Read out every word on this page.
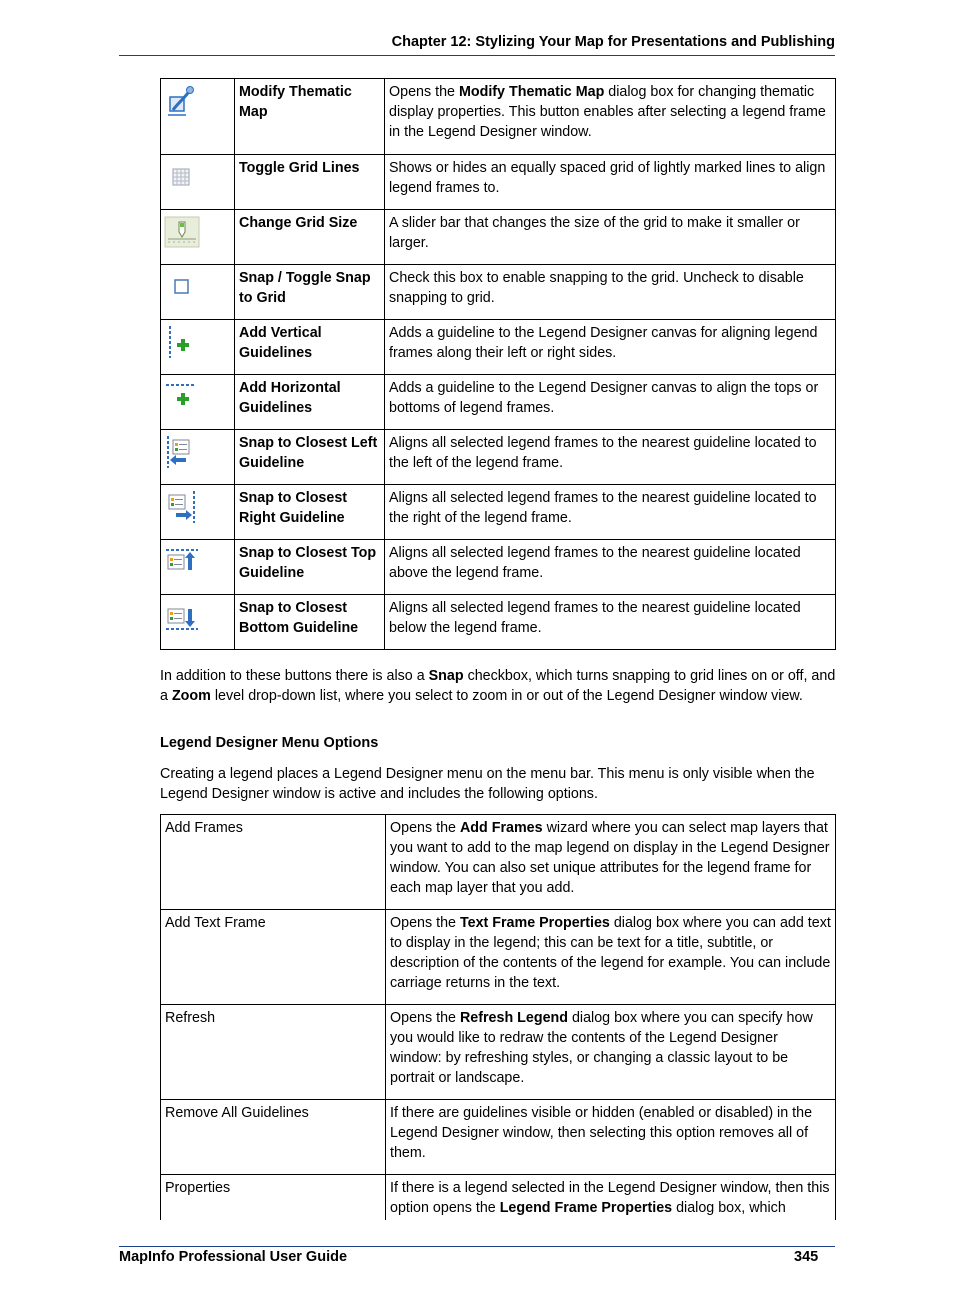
Chapter 12: Stylizing Your Map for Presentations and Publishing
	Modify Thematic Map	Opens the Modify Thematic Map dialog box for changing thematic display properties. This button enables after selecting a legend frame in the Legend Designer window.
	Toggle Grid Lines	Shows or hides an equally spaced grid of lightly marked lines to align legend frames to.
	Change Grid Size	A slider bar that changes the size of the grid to make it smaller or larger.
	Snap / Toggle Snap to Grid	Check this box to enable snapping to the grid. Uncheck to disable snapping to grid.
	Add Vertical Guidelines	Adds a guideline to the Legend Designer canvas for aligning legend frames along their left or right sides.
	Add Horizontal Guidelines	Adds a guideline to the Legend Designer canvas to align the tops or bottoms of legend frames.
	Snap to Closest Left Guideline	Aligns all selected legend frames to the nearest guideline located to the left of the legend frame.
	Snap to Closest Right Guideline	Aligns all selected legend frames to the nearest guideline located to the right of the legend frame.
	Snap to Closest Top Guideline	Aligns all selected legend frames to the nearest guideline located above the legend frame.
	Snap to Closest Bottom Guideline	Aligns all selected legend frames to the nearest guideline located below the legend frame.

In addition to these buttons there is also a Snap checkbox, which turns snapping to grid lines on or off, and a Zoom level drop-down list, where you select to zoom in or out of the Legend Designer window view.

Legend Designer Menu Options

Creating a legend places a Legend Designer menu on the menu bar. This menu is only visible when the Legend Designer window is active and includes the following options.

Add Frames	Opens the Add Frames wizard where you can select map layers that you want to add to the map legend on display in the Legend Designer window. You can also set unique attributes for the legend frame for each map layer that you add.
Add Text Frame	Opens the Text Frame Properties dialog box where you can add text to display in the legend; this can be text for a title, subtitle, or description of the contents of the legend for example. You can include carriage returns in the text.
Refresh	Opens the Refresh Legend dialog box where you can specify how you would like to redraw the contents of the Legend Designer window: by refreshing styles, or changing a classic layout to be portrait or landscape.
Remove All Guidelines	If there are guidelines visible or hidden (enabled or disabled) in the Legend Designer window, then selecting this option removes all of them.
Properties	If there is a legend selected in the Legend Designer window, then this option opens the Legend Frame Properties dialog box, which
MapInfo Professional User Guide	345
